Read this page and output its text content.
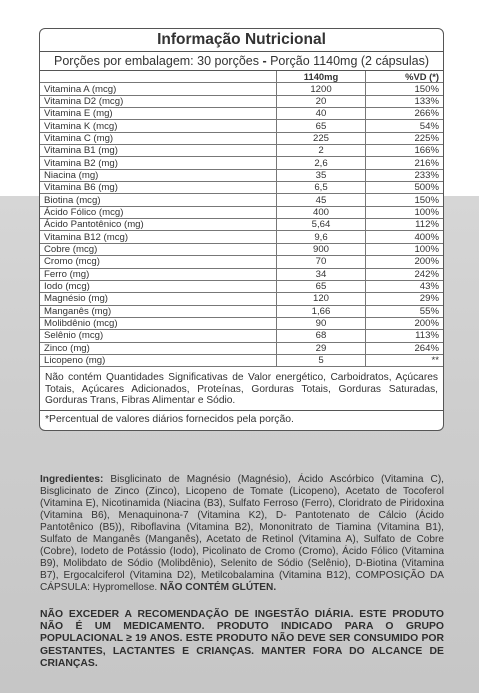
Informação Nutricional
Porções por embalagem: 30 porções - Porção 1140mg (2 cápsulas)
	1140mg	%VD (*)
Vitamina A (mcg)	1200	150%
Vitamina D2 (mcg)	20	133%
Vitamina E (mg)	40	266%
Vitamina K (mcg)	65	54%
Vitamina C (mg)	225	225%
Vitamina B1 (mg)	2	166%
Vitamina B2 (mg)	2,6	216%
Niacina (mg)	35	233%
Vitamina B6 (mg)	6,5	500%
Biotina (mcg)	45	150%
Ácido Fólico (mcg)	400	100%
Ácido Pantotênico (mg)	5,64	112%
Vitamina B12 (mcg)	9,6	400%
Cobre (mcg)	900	100%
Cromo (mcg)	70	200%
Ferro (mg)	34	242%
Iodo (mcg)	65	43%
Magnésio (mg)	120	29%
Manganês (mg)	1,66	55%
Molibdênio (mcg)	90	200%
Selênio (mcg)	68	113%
Zinco (mg)	29	264%
Licopeno (mg)	5	**
Não contém Quantidades Significativas de Valor energético, Carboidratos, Açúcares Totais, Açúcares Adicionados, Proteínas, Gorduras Totais, Gorduras Saturadas, Gorduras Trans, Fibras Alimentar e Sódio.
*Percentual de valores diários fornecidos pela porção.
Ingredientes: Bisglicinato de Magnésio (Magnésio), Ácido Ascórbico (Vitamina C), Bisglicinato de Zinco (Zinco), Licopeno de Tomate (Licopeno), Acetato de Tocoferol (Vitamina E), Nicotinamida (Niacina (B3), Sulfato Ferroso (Ferro), Cloridrato de Piridoxina (Vitamina B6), Menaquinona-7 (Vitamina K2), D- Pantotenato de Cálcio (Ácido Pantotênico (B5)), Riboflavina (Vitamina B2), Mononitrato de Tiamina (Vitamina B1), Sulfato de Manganês (Manganês), Acetato de Retinol (Vitamina A), Sulfato de Cobre (Cobre), Iodeto de Potássio (Iodo), Picolinato de Cromo (Cromo), Ácido Fólico (Vitamina B9), Molibdato de Sódio (Molibdênio), Selenito de Sódio (Selênio), D-Biotina (Vitamina B7), Ergocalciferol (Vitamina D2), Metilcobalamina (Vitamina B12), COMPOSIÇÃO DA CÁPSULA: Hypromellose. NÃO CONTÉM GLÚTEN.
NÃO EXCEDER A RECOMENDAÇÃO DE INGESTÃO DIÁRIA. ESTE PRODUTO NÃO É UM MEDICAMENTO. PRODUTO INDICADO PARA O GRUPO POPULACIONAL ≥ 19 ANOS. ESTE PRODUTO NÃO DEVE SER CONSUMIDO POR GESTANTES, LACTANTES E CRIANÇAS. MANTER FORA DO ALCANCE DE CRIANÇAS.
